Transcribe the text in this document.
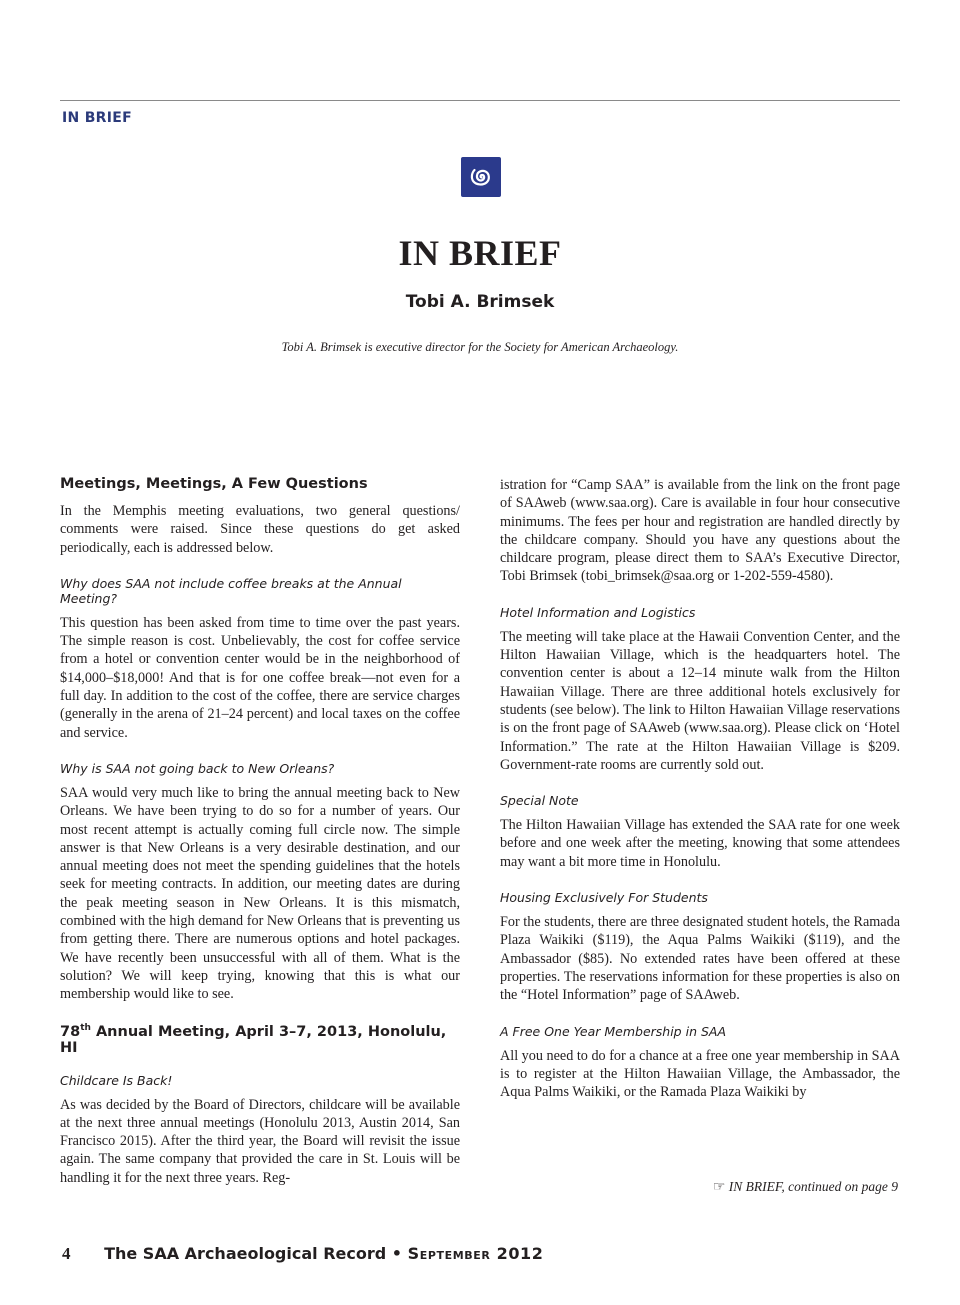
IN BRIEF
IN BRIEF
Tobi A. Brimsek
Tobi A. Brimsek is executive director for the Society for American Archaeology.
Meetings, Meetings, A Few Questions

In the Memphis meeting evaluations, two general questions/ comments were raised. Since these questions do get asked periodically, each is addressed below.

Why does SAA not include coffee breaks at the Annual Meeting?

This question has been asked from time to time over the past years. The simple reason is cost. Unbelievably, the cost for coffee service from a hotel or convention center would be in the neighborhood of $14,000–$18,000! And that is for one coffee break—not even for a full day. In addition to the cost of the coffee, there are service charges (generally in the arena of 21–24 percent) and local taxes on the coffee and service.

Why is SAA not going back to New Orleans?

SAA would very much like to bring the annual meeting back to New Orleans. We have been trying to do so for a number of years. Our most recent attempt is actually coming full circle now. The simple answer is that New Orleans is a very desirable destination, and our annual meeting does not meet the spending guidelines that the hotels seek for meeting contracts. In addition, our meeting dates are during the peak meeting season in New Orleans. It is this mismatch, combined with the high demand for New Orleans that is preventing us from getting there. There are numerous options and hotel packages. We have recently been unsuccessful with all of them. What is the solution? We will keep trying, knowing that this is what our membership would like to see.

78th Annual Meeting, April 3–7, 2013, Honolulu, HI
Childcare Is Back!

As was decided by the Board of Directors, childcare will be available at the next three annual meetings (Honolulu 2013, Austin 2014, San Francisco 2015). After the third year, the Board will revisit the issue again. The same company that provided the care in St. Louis will be handling it for the next three years. Reg-

istration for “Camp SAA” is available from the link on the front page of SAAweb (www.saa.org). Care is available in four hour consecutive minimums. The fees per hour and registration are handled directly by the childcare company. Should you have any questions about the childcare program, please direct them to SAA’s Executive Director, Tobi Brimsek (tobi_brimsek@saa.org or 1-202-559-4580).

Hotel Information and Logistics

The meeting will take place at the Hawaii Convention Center, and the Hilton Hawaiian Village, which is the headquarters hotel. The convention center is about a 12–14 minute walk from the Hilton Hawaiian Village. There are three additional hotels exclusively for students (see below). The link to Hilton Hawaiian Village reservations is on the front page of SAAweb (www.saa.org). Please click on ‘Hotel Information.” The rate at the Hilton Hawaiian Village is $209. Government-rate rooms are currently sold out.

Special Note

The Hilton Hawaiian Village has extended the SAA rate for one week before and one week after the meeting, knowing that some attendees may want a bit more time in Honolulu.

Housing Exclusively For Students

For the students, there are three designated student hotels, the Ramada Plaza Waikiki ($119), the Aqua Palms Waikiki ($119), and the Ambassador ($85). No extended rates have been offered at these properties. The reservations information for these properties is also on the “Hotel Information” page of SAAweb.

A Free One Year Membership in SAA

All you need to do for a chance at a free one year membership in SAA is to register at the Hilton Hawaiian Village, the Ambassador, the Aqua Palms Waikiki, or the Ramada Plaza Waikiki by

☞ IN BRIEF, continued on page 9
4 The SAA Archaeological Record • September 2012
